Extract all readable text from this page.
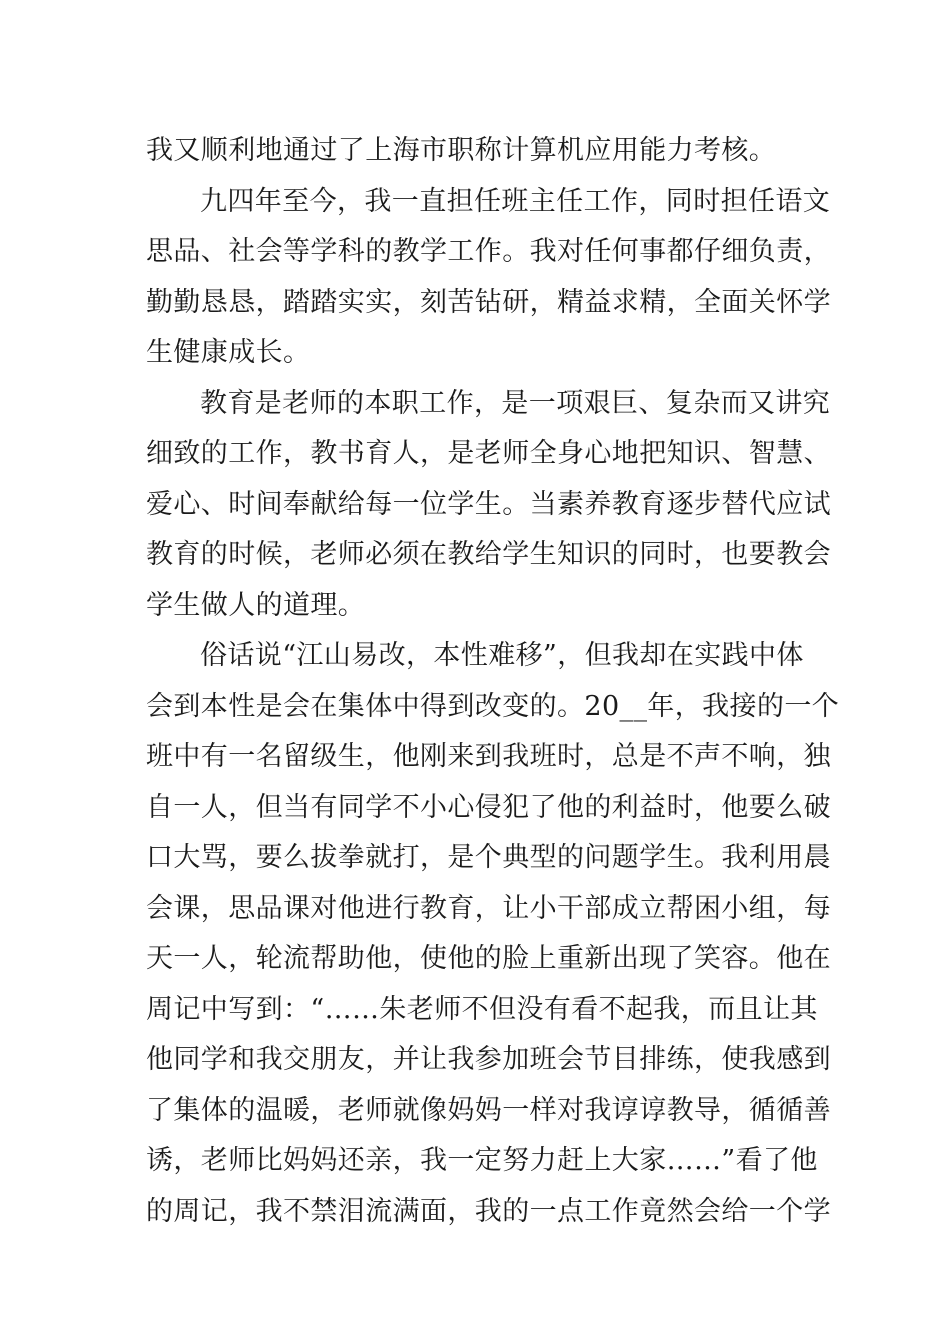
我又顺利地通过了上海市职称计算机应用能力考核。
九四年至今，我一直担任班主任工作，同时担任语文
思品、社会等学科的教学工作。我对任何事都仔细负责，
勤勤恳恳，踏踏实实，刻苦钻研，精益求精，全面关怀学
生健康成长。
教育是老师的本职工作，是一项艰巨、复杂而又讲究
细致的工作，教书育人，是老师全身心地把知识、智慧、
爱心、时间奉献给每一位学生。当素养教育逐步替代应试
教育的时候，老师必须在教给学生知识的同时，也要教会
学生做人的道理。
俗话说“江山易改，本性难移”，但我却在实践中体
会到本性是会在集体中得到改变的。20__年，我接的一个
班中有一名留级生，他刚来到我班时，总是不声不响，独
自一人，但当有同学不小心侵犯了他的利益时，他要么破
口大骂，要么拔拳就打，是个典型的问题学生。我利用晨
会课，思品课对他进行教育，让小干部成立帮困小组，每
天一人，轮流帮助他，使他的脸上重新出现了笑容。他在
周记中写到：“……朱老师不但没有看不起我，而且让其
他同学和我交朋友，并让我参加班会节目排练，使我感到
了集体的温暖，老师就像妈妈一样对我谆谆教导，循循善
诱，老师比妈妈还亲，我一定努力赶上大家……”看了他
的周记，我不禁泪流满面，我的一点工作竟然会给一个学
